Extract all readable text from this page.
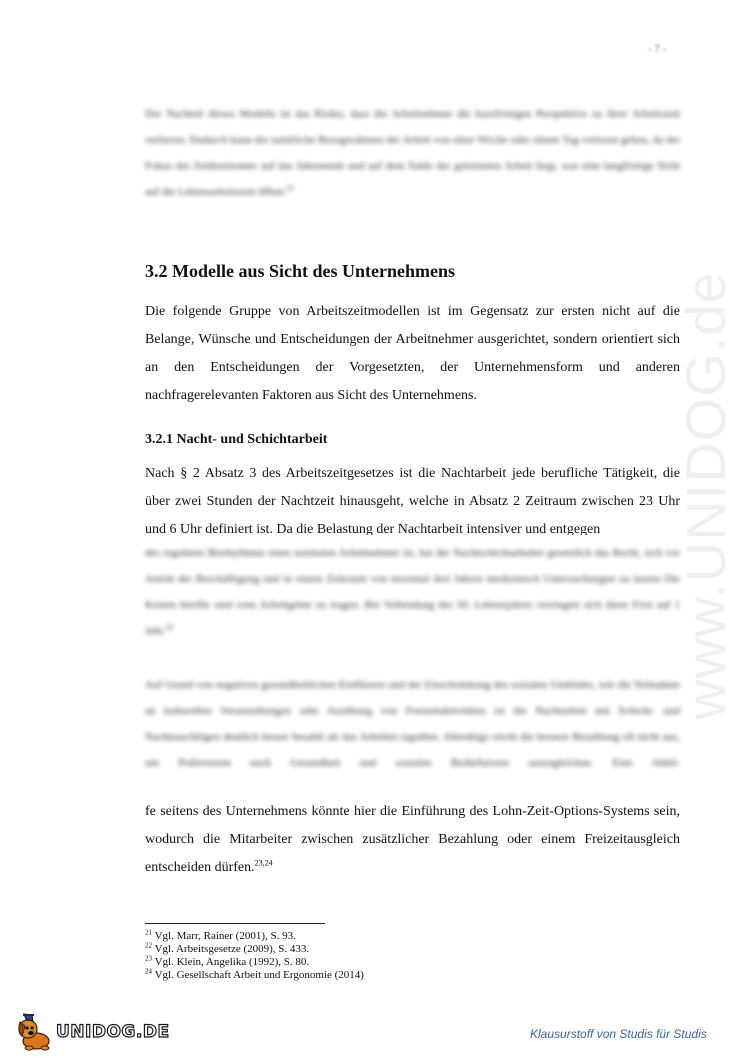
- 7 -
www.UNIDOG.de

Der Nachteil dieses Modells ist das Risiko, dass die Arbeitnehmer die kurzfristigen Perspektive zu ihrer Arbeitszeit verlieren. Dadurch kann der natürliche Bezugsrahmen der Arbeit von einer Woche oder einem Tag verloren gehen, da der Fokus des Zeithorizontes auf das Jahresende und auf dem Saldo der geleisteten Arbeit liegt, was eine langfristige Sicht auf die Lebensarbeitszeit öffnet.$^{21}$

3.2 Modelle aus Sicht des Unternehmens

Die folgende Gruppe von Arbeitszeitmodellen ist im Gegensatz zur ersten nicht auf die Belange, Wünsche und Entscheidungen der Arbeitnehmer ausgerichtet, sondern orientiert sich an den Entscheidungen der Vorgesetzten, der Unternehmensform und anderen nachfragerelevanten Faktoren aus Sicht des Unternehmens.

3.2.1 Nacht- und Schichtarbeit

Nach § 2 Absatz 3 des Arbeitszeitgesetzes ist die Nachtarbeit jede berufliche Tätigkeit, die über zwei Stunden der Nachtzeit hinausgeht, welche in Absatz 2 Zeitraum zwischen 23 Uhr und 6 Uhr definiert ist. Da die Belastung der Nachtarbeit intensiver und entgegen

des regulären Biorhythmus eines normalen Arbeitnehmer ist, hat der Nachtschichtarbeiter gesetzlich das Recht, sich vor Antritt der Beschäftigung und in einem Zeitraum von maximal drei Jahren medizinisch Untersuchungen zu lassen Die Kosten hierfür sind vom Arbeitgeber zu tragen. Bei Vollendung des 50. Lebensjahres verringert sich diese Frist auf 1 Jahr.$^{22}$

Auf Grund von negativen gesundheitlichen Einflüssen und der Einschränkung des sozialen Umfeldes, wie die Teilnahme an kulturellen Veranstaltungen oder Ausübung von Freizeitaktivitäten ist die Nachtarbeit mit Schicht- und Nachtzuschlägen deutlich besser bezahlt als das Arbeiten tagsüber. Allerdings reicht die bessere Bezahlung oft nicht aus, um Präferenzen nach Gesundheit und sozialen Bedürfnissen auszugleichen. Eine Abhil-

fe seitens des Unternehmens könnte hier die Einführung des Lohn-Zeit-Options-Systems sein, wodurch die Mitarbeiter zwischen zusätzlicher Bezahlung oder einem Freizeitausgleich entscheiden dürfen.$^{23,24}$

$^{21}$ Vgl. Marr, Rainer (2001), S. 93.
$^{22}$ Vgl. Arbeitsgesetze (2009), S. 433.
$^{23}$ Vgl. Klein, Angelika (1992), S. 80.
$^{24}$ Vgl. Gesellschaft Arbeit und Ergonomie (2014)
UNIDOG.DE	Klausurstoff von Studis für Studis
